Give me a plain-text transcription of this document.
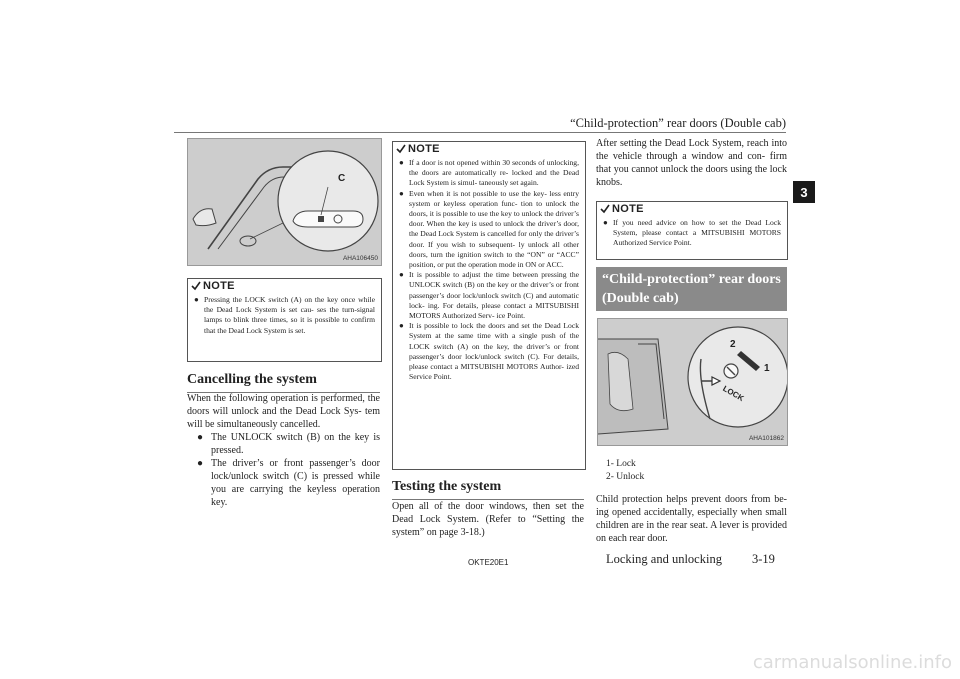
“Child-protection” rear doors (Double cab)
3
C
AHA106450
NOTE
● Pressing the LOCK switch (A) on the key once while the Dead Lock System is set cau- ses the turn-signal lamps to blink three times, so it is possible to confirm that the Dead Lock System is set.
Cancelling the system
When the following operation is performed, the doors will unlock and the Dead Lock Sys- tem will be simultaneously cancelled.
● The UNLOCK switch (B) on the key is pressed.
● The driver’s or front passenger’s door lock/unlock switch (C) is pressed while you are carrying the keyless operation key.
NOTE
● If a door is not opened within 30 seconds of unlocking, the doors are automatically re- locked and the Dead Lock System is simul- taneously set again.
● Even when it is not possible to use the key- less entry system or keyless operation func- tion to unlock the doors, it is possible to use the key to unlock the driver’s door. When the key is used to unlock the driver’s door, the Dead Lock System is cancelled for only the driver’s door. If you wish to subsequent- ly unlock all other doors, turn the ignition switch to the “ON” or “ACC” position, or put the operation mode in ON or ACC.
● It is possible to adjust the time between pressing the UNLOCK switch (B) on the key or the driver’s or front passenger’s door lock/unlock switch (C) and automatic lock- ing. For details, please contact a MITSUBISHI MOTORS Authorized Serv- ice Point.
● It is possible to lock the doors and set the Dead Lock System at the same time with a single push of the LOCK switch (A) on the key, the driver’s or front passenger’s door lock/unlock switch (C). For details, please contact a MITSUBISHI MOTORS Author- ized Service Point.
Testing the system
Open all of the door windows, then set the Dead Lock System. (Refer to “Setting the system” on page 3-18.)
After setting the Dead Lock System, reach into the vehicle through a window and con- firm that you cannot unlock the doors using the lock knobs.
NOTE
● If you need advice on how to set the Dead Lock System, please contact a MITSUBISHI MOTORS Authorized Service Point.
“Child-protection” rear doors (Double cab)
2
1
LOCK
AHA101862
1- Lock
2- Unlock
Child protection helps prevent doors from be- ing opened accidentally, especially when small children are in the rear seat. A lever is provided on each rear door.
OKTE20E1	Locking and unlocking 3-19
carmanualsonline.info
